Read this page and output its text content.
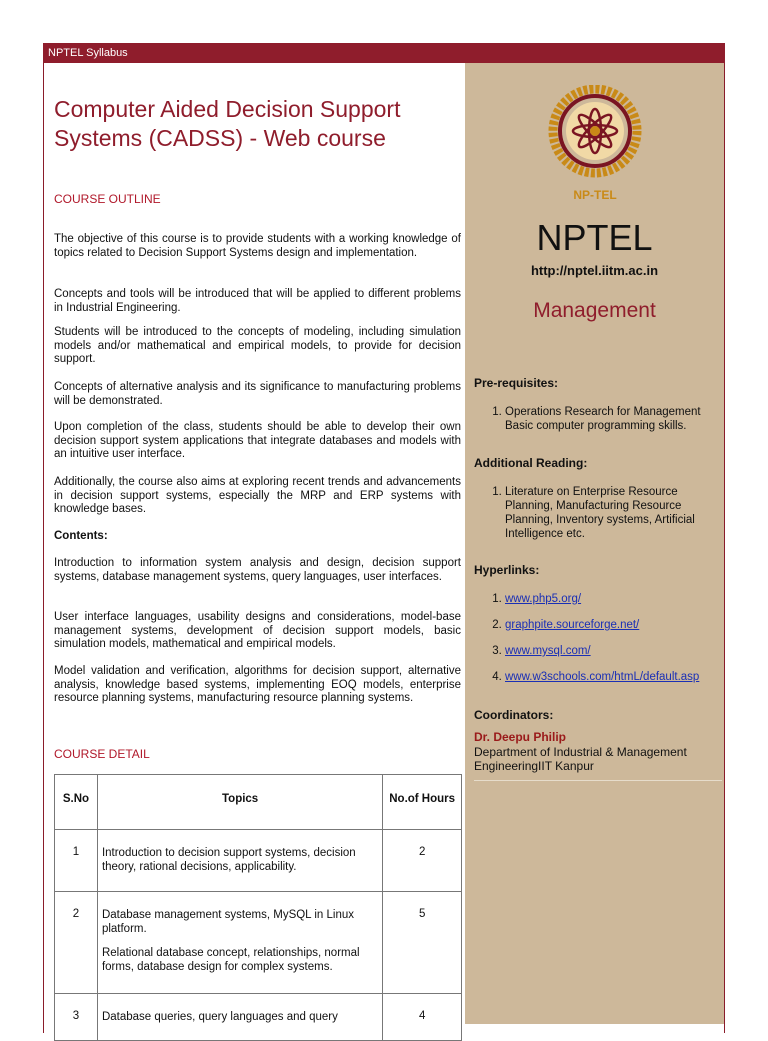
NPTEL Syllabus
Computer Aided Decision Support Systems (CADSS) - Web course
COURSE OUTLINE
The objective of this course is to provide students with a working knowledge of topics related to Decision Support Systems design and implementation.
Concepts and tools will be introduced that will be applied to different problems in Industrial Engineering.
Students will be introduced to the concepts of modeling, including simulation models and/or mathematical and empirical models, to provide for decision support.
Concepts of alternative analysis and its significance to manufacturing problems will be demonstrated.
Upon completion of the class, students should be able to develop their own decision support system applications that integrate databases and models with an intuitive user interface.
Additionally, the course also aims at exploring recent trends and advancements in decision support systems, especially the MRP and ERP systems with knowledge bases.
Contents:
Introduction to information system analysis and design, decision support systems, database management systems, query languages, user interfaces.
User interface languages, usability designs and considerations, model-base management systems, development of decision support models, basic simulation models, mathematical and empirical models.
Model validation and verification, algorithms for decision support, alternative analysis, knowledge based systems, implementing EOQ models, enterprise resource planning systems, manufacturing resource planning systems.
COURSE DETAIL
S.No	Topics	No.of Hours
1	Introduction to decision support systems, decision theory, rational decisions, applicability.	2
2	Database management systems, MySQL in Linux platform.

Relational database concept, relationships, normal forms, database design for complex systems.	5
3	Database queries, query languages and query	4
NP-TEL
NPTEL
http://nptel.iitm.ac.in
Management
Pre-requisites:
1. Operations Research for Management Basic computer programming skills.
Additional Reading:
1. Literature on Enterprise Resource Planning, Manufacturing Resource Planning, Inventory systems, Artificial Intelligence etc.
Hyperlinks:
1. www.php5.org/
2. graphpite.sourceforge.net/
3. www.mysql.com/
4. www.w3schools.com/htmL/default.asp
Coordinators:
Dr. Deepu Philip
Department of Industrial & Management EngineeringIIT Kanpur
